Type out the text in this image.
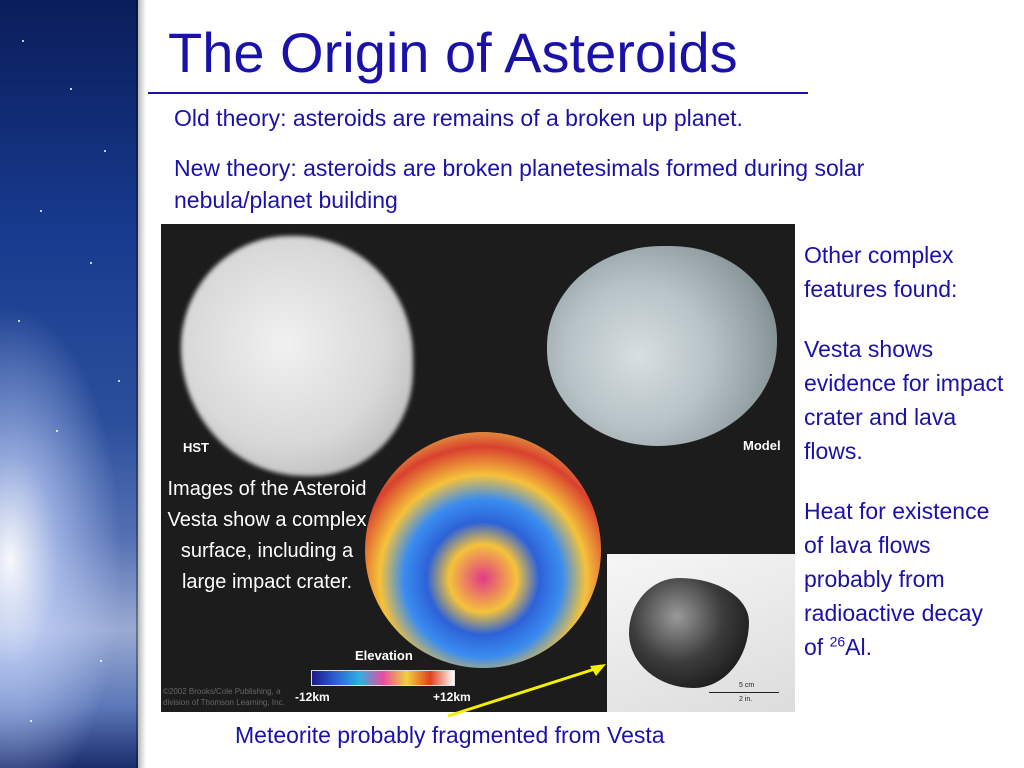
The Origin of Asteroids

Old theory: asteroids are remains of a broken up planet.

New theory: asteroids are broken planetesimals formed during solar nebula/planet building

HST	Model

Elevation

-12km	+12km

©2002 Brooks/Cole Publishing, a division of Thomson Learning, Inc.

Images of the Asteroid Vesta show a complex surface, including a large impact crater.

5 cm

2 in.

Other complex features found:

Vesta shows evidence for impact crater and lava flows.

Heat for existence of lava flows probably from radioactive decay of $^{26}$Al.

Meteorite probably fragmented from Vesta
